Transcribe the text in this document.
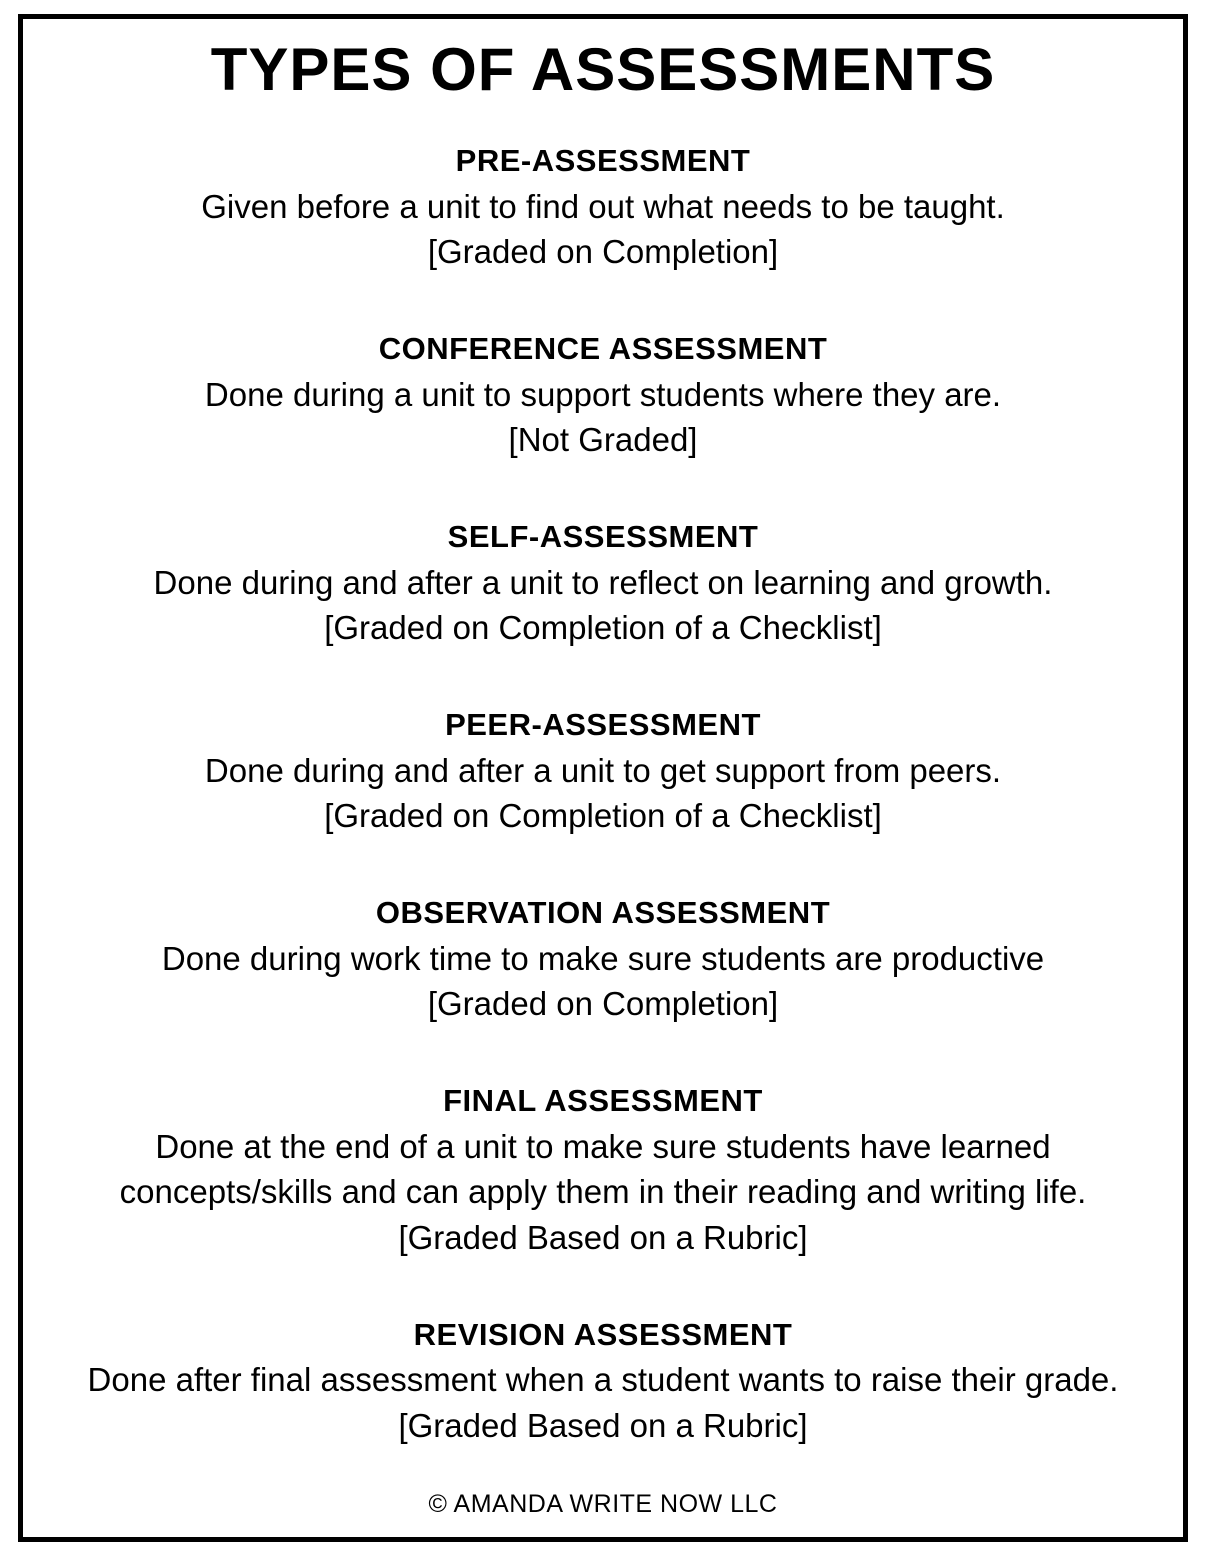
TYPES OF ASSESSMENTS
PRE-ASSESSMENT
Given before a unit to find out what needs to be taught.
[Graded on Completion]
CONFERENCE ASSESSMENT
Done during a unit to support students where they are.
[Not Graded]
SELF-ASSESSMENT
Done during and after a unit to reflect on learning and growth.
[Graded on Completion of a Checklist]
PEER-ASSESSMENT
Done during and after a unit to get support from peers.
[Graded on Completion of a Checklist]
OBSERVATION ASSESSMENT
Done during work time to make sure students are productive
[Graded on Completion]
FINAL ASSESSMENT
Done at the end of a unit to make sure students have learned concepts/skills and can apply them in their reading and writing life.
[Graded Based on a Rubric]
REVISION ASSESSMENT
Done after final assessment when a student wants to raise their grade.
[Graded Based on a Rubric]
© AMANDA WRITE NOW LLC
